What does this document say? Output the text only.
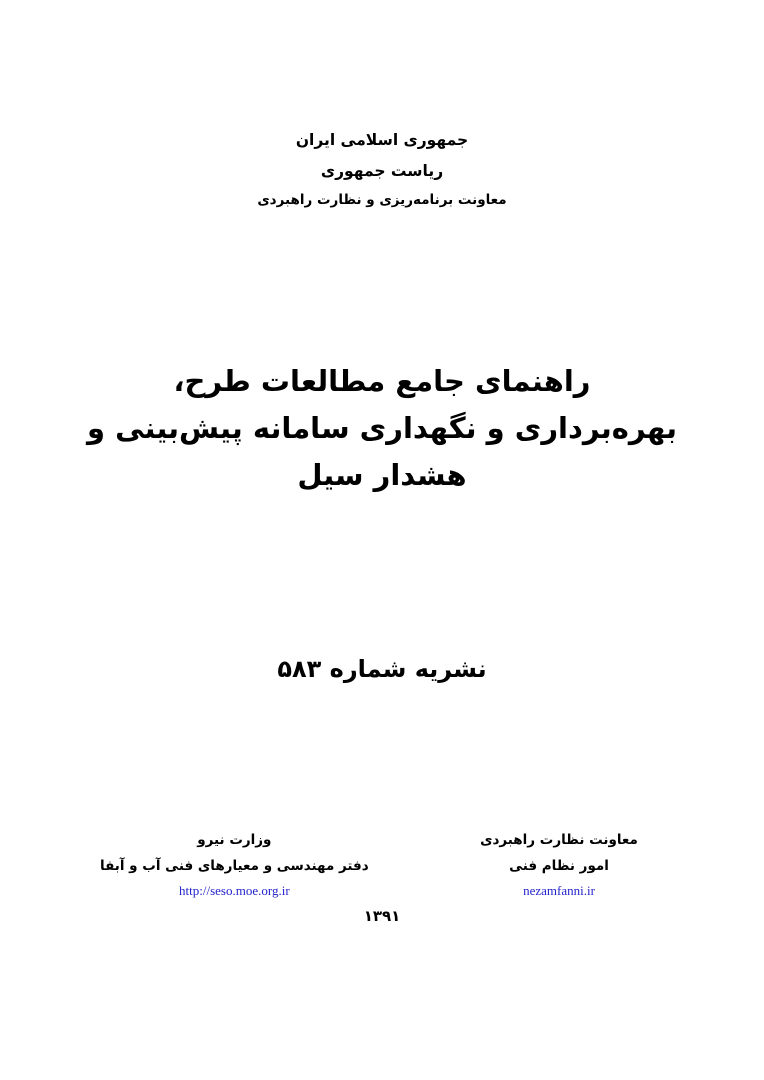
جمهوری اسلامی ایران
ریاست جمهوری
معاونت برنامه‌ریزی و نظارت راهبردی
راهنمای جامع مطالعات طرح،
بهره‌برداری و نگهداری سامانه پیش‌بینی و
هشدار سیل
نشریه شماره ۵۸۳
معاونت نظارت راهبردی
امور نظام فنی
nezamfanni.ir
وزارت نیرو
دفتر مهندسی و معیارهای فنی آب و آبفا
http://seso.moe.org.ir
۱۳۹۱
